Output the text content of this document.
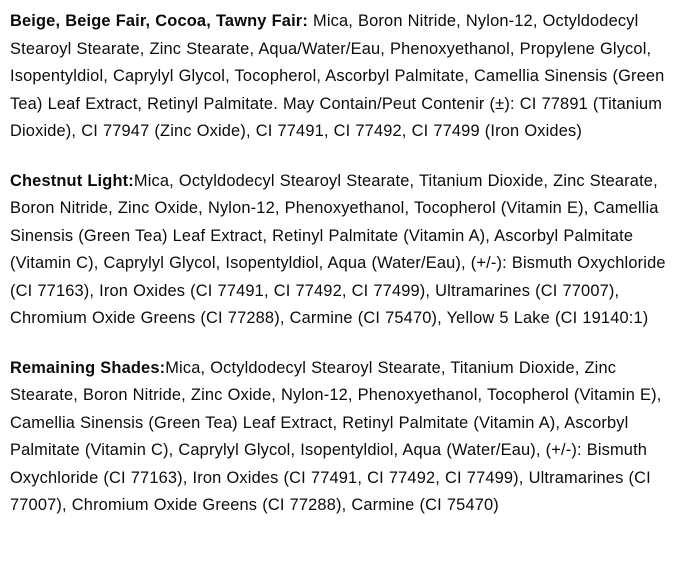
Beige, Beige Fair, Cocoa, Tawny Fair: Mica, Boron Nitride, Nylon-12, Octyldodecyl Stearoyl Stearate, Zinc Stearate, Aqua/Water/Eau, Phenoxyethanol, Propylene Glycol, Isopentyldiol, Caprylyl Glycol, Tocopherol, Ascorbyl Palmitate, Camellia Sinensis (Green Tea) Leaf Extract, Retinyl Palmitate. May Contain/Peut Contenir (±): CI 77891 (Titanium Dioxide), CI 77947 (Zinc Oxide), CI 77491, CI 77492, CI 77499 (Iron Oxides)

Chestnut Light:Mica, Octyldodecyl Stearoyl Stearate, Titanium Dioxide, Zinc Stearate, Boron Nitride, Zinc Oxide, Nylon-12, Phenoxyethanol, Tocopherol (Vitamin E), Camellia Sinensis (Green Tea) Leaf Extract, Retinyl Palmitate (Vitamin A), Ascorbyl Palmitate (Vitamin C), Caprylyl Glycol, Isopentyldiol, Aqua (Water/Eau), (+/-): Bismuth Oxychloride (CI 77163), Iron Oxides (CI 77491, CI 77492, CI 77499), Ultramarines (CI 77007), Chromium Oxide Greens (CI 77288), Carmine (CI 75470), Yellow 5 Lake (CI 19140:1)

Remaining Shades:Mica, Octyldodecyl Stearoyl Stearate, Titanium Dioxide, Zinc Stearate, Boron Nitride, Zinc Oxide, Nylon-12, Phenoxyethanol, Tocopherol (Vitamin E), Camellia Sinensis (Green Tea) Leaf Extract, Retinyl Palmitate (Vitamin A), Ascorbyl Palmitate (Vitamin C), Caprylyl Glycol, Isopentyldiol, Aqua (Water/Eau), (+/-): Bismuth Oxychloride (CI 77163), Iron Oxides (CI 77491, CI 77492, CI 77499), Ultramarines (CI 77007), Chromium Oxide Greens (CI 77288), Carmine (CI 75470)
